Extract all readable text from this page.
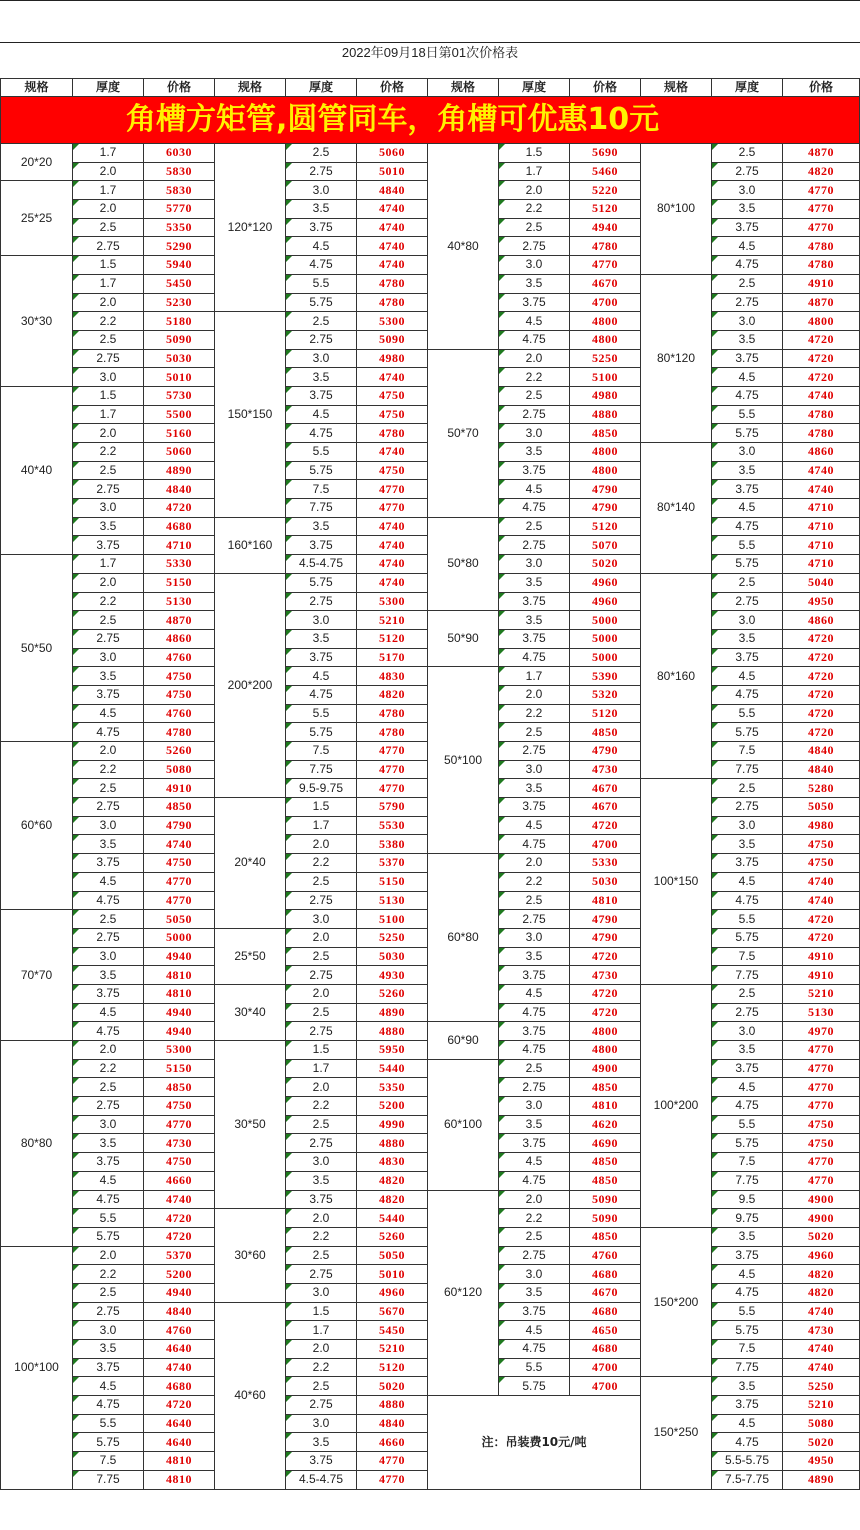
2022年09月18日第01次价格表
规格	厚度	价格	规格	厚度	价格	规格	厚度	价格	规格	厚度	价格
角槽方矩管,圆管同车，角槽可优惠10元											
20*20	1.7	6030	120*120	2.5	5060	40*80	1.5	5690	80*100	2.5	4870
	2.0	5830		2.75	5010		1.7	5460		2.75	4820
25*25	1.7	5830		3.0	4840		2.0	5220		3.0	4770
	2.0	5770		3.5	4740		2.2	5120		3.5	4770
	2.5	5350		3.75	4740		2.5	4940		3.75	4770
	2.75	5290		4.5	4740		2.75	4780		4.5	4780
30*30	1.5	5940		4.75	4740		3.0	4770		4.75	4780
	1.7	5450		5.5	4780		3.5	4670	80*120	2.5	4910
	2.0	5230		5.75	4780		3.75	4700		2.75	4870
	2.2	5180	150*150	2.5	5300		4.5	4800		3.0	4800
	2.5	5090		2.75	5090		4.75	4800		3.5	4720
	2.75	5030		3.0	4980	50*70	2.0	5250		3.75	4720
	3.0	5010		3.5	4740		2.2	5100		4.5	4720
40*40	1.5	5730		3.75	4750		2.5	4980		4.75	4740
	1.7	5500		4.5	4750		2.75	4880		5.5	4780
	2.0	5160		4.75	4780		3.0	4850		5.75	4780
	2.2	5060		5.5	4740		3.5	4800	80*140	3.0	4860
	2.5	4890		5.75	4750		3.75	4800		3.5	4740
	2.75	4840		7.5	4770		4.5	4790		3.75	4740
	3.0	4720		7.75	4770		4.75	4790		4.5	4710
	3.5	4680	160*160	3.5	4740	50*80	2.5	5120		4.75	4710
	3.75	4710		3.75	4740		2.75	5070		5.5	4710
50*50	1.7	5330		4.5-4.75	4740		3.0	5020		5.75	4710
	2.0	5150	200*200	5.75	4740		3.5	4960	80*160	2.5	5040
	2.2	5130		2.75	5300		3.75	4960		2.75	4950
	2.5	4870		3.0	5210	50*90	3.5	5000		3.0	4860
	2.75	4860		3.5	5120		3.75	5000		3.5	4720
	3.0	4760		3.75	5170		4.75	5000		3.75	4720
	3.5	4750		4.5	4830	50*100	1.7	5390		4.5	4720
	3.75	4750		4.75	4820		2.0	5320		4.75	4720
	4.5	4760		5.5	4780		2.2	5120		5.5	4720
	4.75	4780		5.75	4780		2.5	4850		5.75	4720
60*60	2.0	5260		7.5	4770		2.75	4790		7.5	4840
	2.2	5080		7.75	4770		3.0	4730		7.75	4840
	2.5	4910		9.5-9.75	4770		3.5	4670	100*150	2.5	5280
	2.75	4850	20*40	1.5	5790		3.75	4670		2.75	5050
	3.0	4790		1.7	5530		4.5	4720		3.0	4980
	3.5	4740		2.0	5380		4.75	4700		3.5	4750
	3.75	4750		2.2	5370	60*80	2.0	5330		3.75	4750
	4.5	4770		2.5	5150		2.2	5030		4.5	4740
	4.75	4770		2.75	5130		2.5	4810		4.75	4740
70*70	2.5	5050		3.0	5100		2.75	4790		5.5	4720
	2.75	5000	25*50	2.0	5250		3.0	4790		5.75	4720
	3.0	4940		2.5	5030		3.5	4720		7.5	4910
	3.5	4810		2.75	4930		3.75	4730		7.75	4910
	3.75	4810	30*40	2.0	5260		4.5	4720	100*200	2.5	5210
	4.5	4940		2.5	4890		4.75	4720		2.75	5130
	4.75	4940		2.75	4880	60*90	3.75	4800		3.0	4970
80*80	2.0	5300	30*50	1.5	5950		4.75	4800		3.5	4770
	2.2	5150		1.7	5440	60*100	2.5	4900		3.75	4770
	2.5	4850		2.0	5350		2.75	4850		4.5	4770
	2.75	4750		2.2	5200		3.0	4810		4.75	4770
	3.0	4770		2.5	4990		3.5	4620		5.5	4750
	3.5	4730		2.75	4880		3.75	4690		5.75	4750
	3.75	4750		3.0	4830		4.5	4850		7.5	4770
	4.5	4660		3.5	4820		4.75	4850		7.75	4770
	4.75	4740		3.75	4820	60*120	2.0	5090		9.5	4900
	5.5	4720	30*60	2.0	5440		2.2	5090		9.75	4900
	5.75	4720		2.2	5260		2.5	4850	150*200	3.5	5020
100*100	2.0	5370		2.5	5050		2.75	4760		3.75	4960
	2.2	5200		2.75	5010		3.0	4680		4.5	4820
	2.5	4940		3.0	4960		3.5	4670		4.75	4820
	2.75	4840	40*60	1.5	5670		3.75	4680		5.5	4740
	3.0	4760		1.7	5450		4.5	4650		5.75	4730
	3.5	4640		2.0	5210		4.75	4680		7.5	4740
	3.75	4740		2.2	5120		5.5	4700		7.75	4740
	4.5	4680		2.5	5020		5.75	4700	150*250	3.5	5250
	4.75	4720		2.75	4880	注：吊装费10元/吨				3.75	5210
	5.5	4640		3.0	4840					4.5	5080
	5.75	4640		3.5	4660					4.75	5020
	7.5	4810		3.75	4770					5.5-5.75	4950
	7.75	4810		4.5-4.75	4770					7.5-7.75	4890
